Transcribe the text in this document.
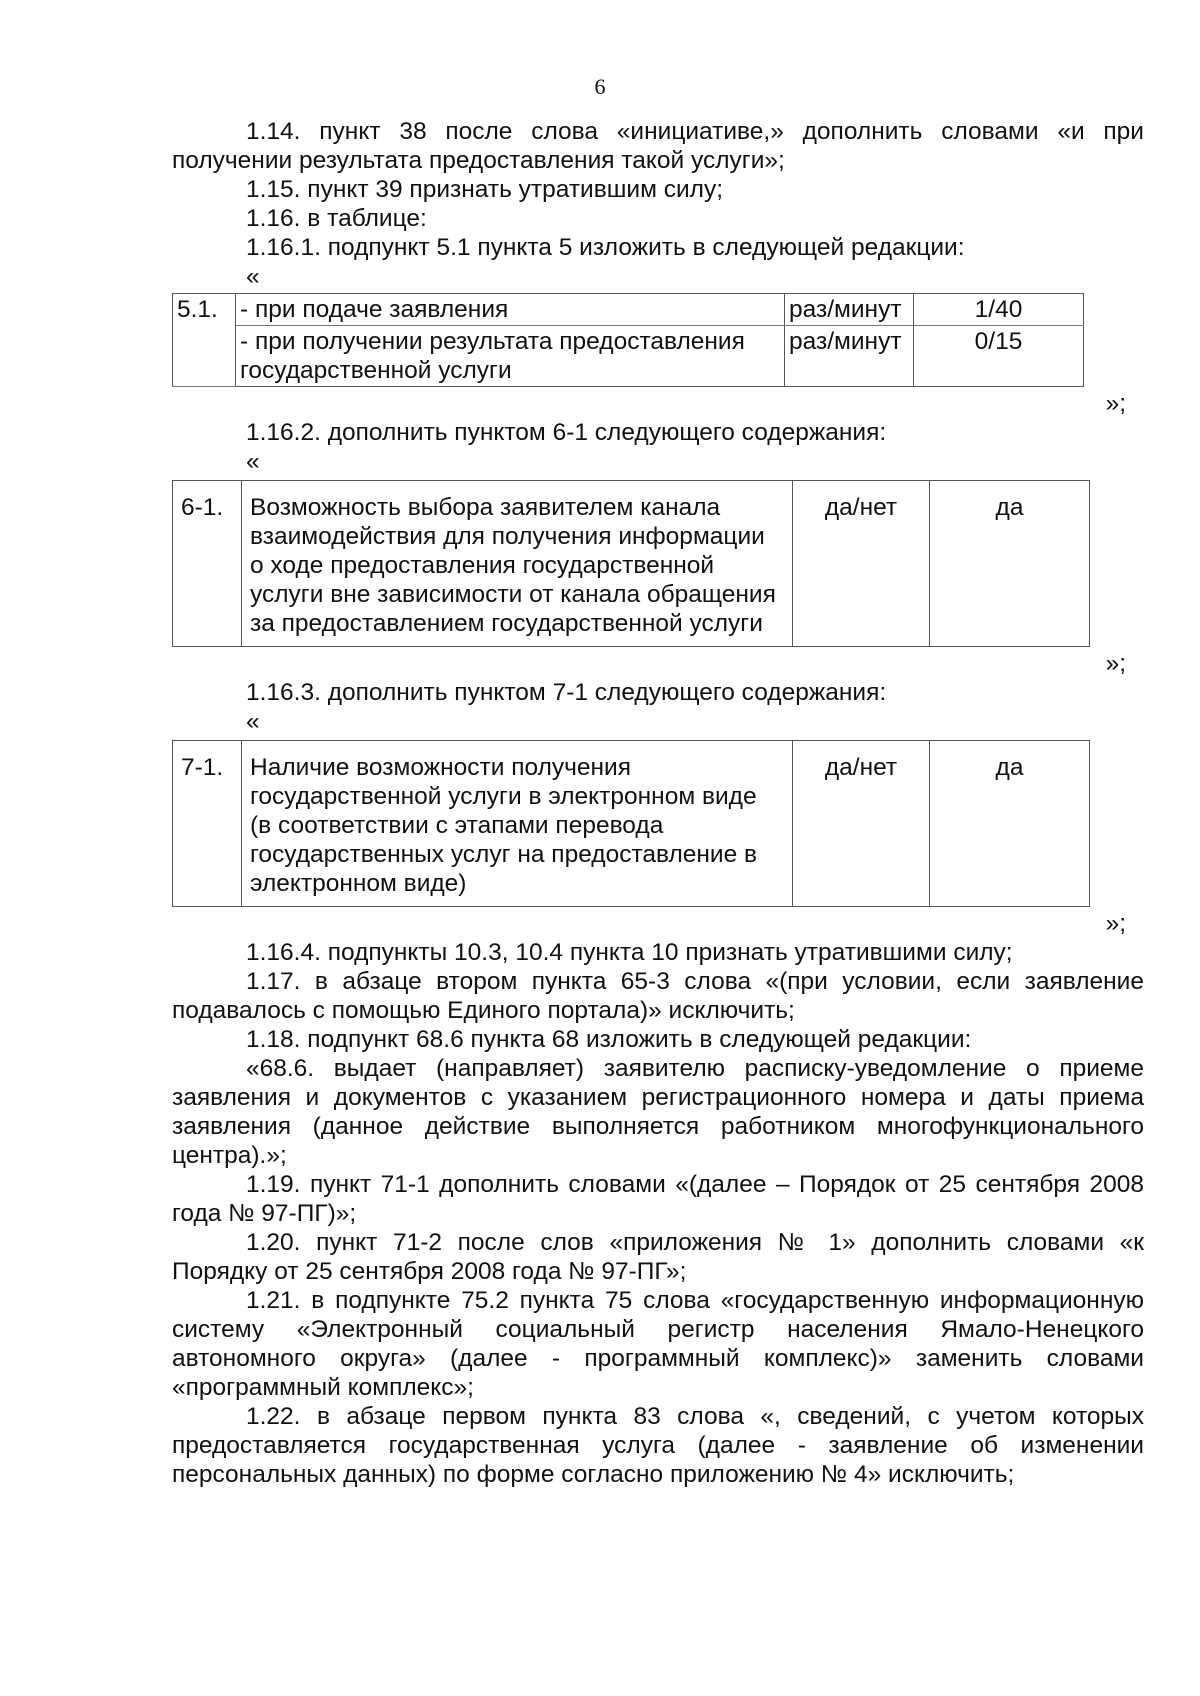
6

1.14. пункт 38 после слова «инициативе,» дополнить словами «и при получении результата предоставления такой услуги»;

1.15. пункт 39 признать утратившим силу;

1.16. в таблице:

1.16.1. подпункт 5.1 пункта 5 изложить в следующей редакции:

«

5.1.	- при подаче заявления	раз/минут	1/40
	- при получении результата предоставления государственной услуги	раз/минут	0/15

»;

1.16.2. дополнить пунктом 6-1 следующего содержания:

«

6-1.	Возможность выбора заявителем канала взаимодействия для получения информации о ходе предоставления государственной услуги вне зависимости от канала обращения за предоставлением государственной услуги	да/нет	да

»;

1.16.3. дополнить пунктом 7-1 следующего содержания:

«

7-1.	Наличие возможности получения государственной услуги в электронном виде (в соответствии с этапами перевода государственных услуг на предоставление в электронном виде)	да/нет	да

»;

1.16.4. подпункты 10.3, 10.4 пункта 10 признать утратившими силу;

1.17. в абзаце втором пункта 65-3 слова «(при условии, если заявление подавалось с помощью Единого портала)» исключить;

1.18. подпункт 68.6 пункта 68 изложить в следующей редакции:

«68.6. выдает (направляет) заявителю расписку-уведомление о приеме заявления и документов с указанием регистрационного номера и даты приема заявления (данное действие выполняется работником многофункционального центра).»;

1.19. пункт 71-1 дополнить словами «(далее – Порядок от 25 сентября 2008 года № 97-ПГ)»;

1.20. пункт 71-2 после слов «приложения № 1» дополнить словами «к Порядку от 25 сентября 2008 года № 97-ПГ»;

1.21. в подпункте 75.2 пункта 75 слова «государственную информационную систему «Электронный социальный регистр населения Ямало-Ненецкого автономного округа» (далее - программный комплекс)» заменить словами «программный комплекс»;

1.22. в абзаце первом пункта 83 слова «, сведений, с учетом которых предоставляется государственная услуга (далее - заявление об изменении персональных данных) по форме согласно приложению № 4» исключить;
